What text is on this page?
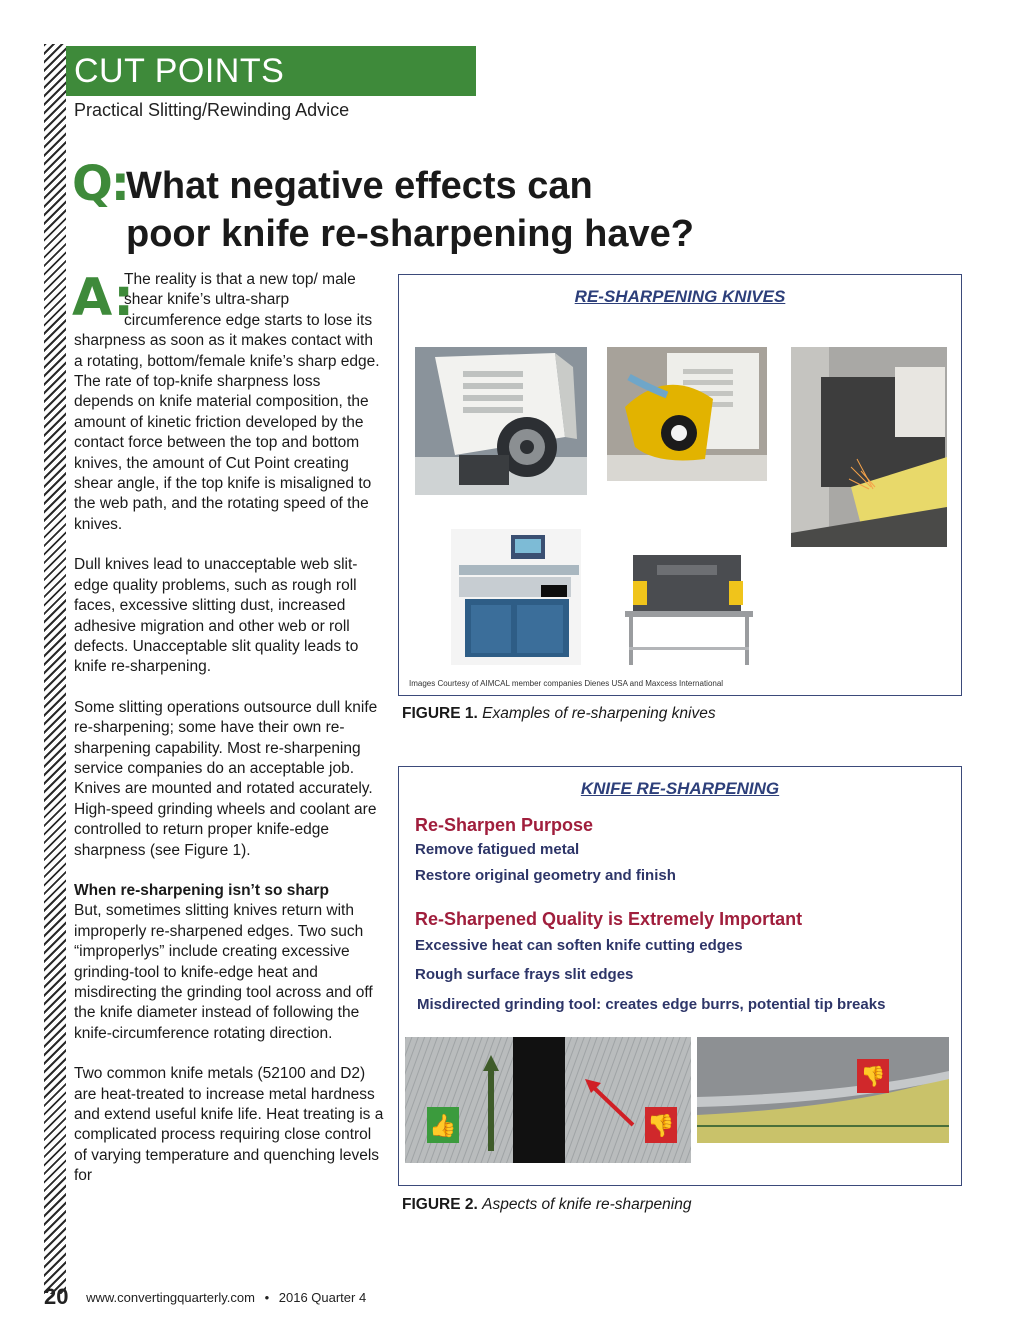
CUT POINTS
Practical Slitting/Rewinding Advice
Q:
What negative effects can
poor knife re-sharpening have?
A:

The reality is that a new top/ male shear knife’s ultra-sharp circumference edge starts to lose its sharpness as soon as it makes contact with a rotating, bottom/female knife’s sharp edge. The rate of top-knife sharpness loss depends on knife material composition, the amount of kinetic friction developed by the contact force between the top and bottom knives, the amount of Cut Point creating shear angle, if the top knife is misaligned to the web path, and the rotating speed of the knives.

Dull knives lead to unacceptable web slit-edge quality problems, such as rough roll faces, excessive slitting dust, increased adhesive migration and other web or roll defects. Unacceptable slit quality leads to knife re-sharpening.

Some slitting operations outsource dull knife re-sharpening; some have their own re-sharpening capability. Most re-sharpening service companies do an acceptable job. Knives are mounted and rotated accurately. High-speed grinding wheels and coolant are controlled to return proper knife-edge sharpness (see Figure 1).

When re-sharpening isn’t so sharp
But, sometimes slitting knives return with improperly re-sharpened edges. Two such “improperlys” include creating excessive grinding-tool to knife-edge heat and misdirecting the grinding tool across and off the knife diameter instead of following the knife-circumference rotating direction.

Two common knife metals (52100 and D2) are heat-treated to increase metal hardness and extend useful knife life. Heat treating is a complicated process requiring close control of varying temperature and quenching levels for

RE-SHARPENING KNIVES
Images Courtesy of AIMCAL member companies Dienes USA and Maxcess International
FIGURE 1. Examples of re-sharpening knives
KNIFE RE-SHARPENING
Re-Sharpen Purpose
Remove fatigued metal
Restore original geometry and finish
Re-Sharpened Quality is Extremely Important
Excessive heat can soften knife cutting edges
Rough surface frays slit edges
Misdirected grinding tool: creates edge burrs, potential tip breaks
👍	👎
👎
FIGURE 2. Aspects of knife re-sharpening
20 www.convertingquarterly.com • 2016 Quarter 4
